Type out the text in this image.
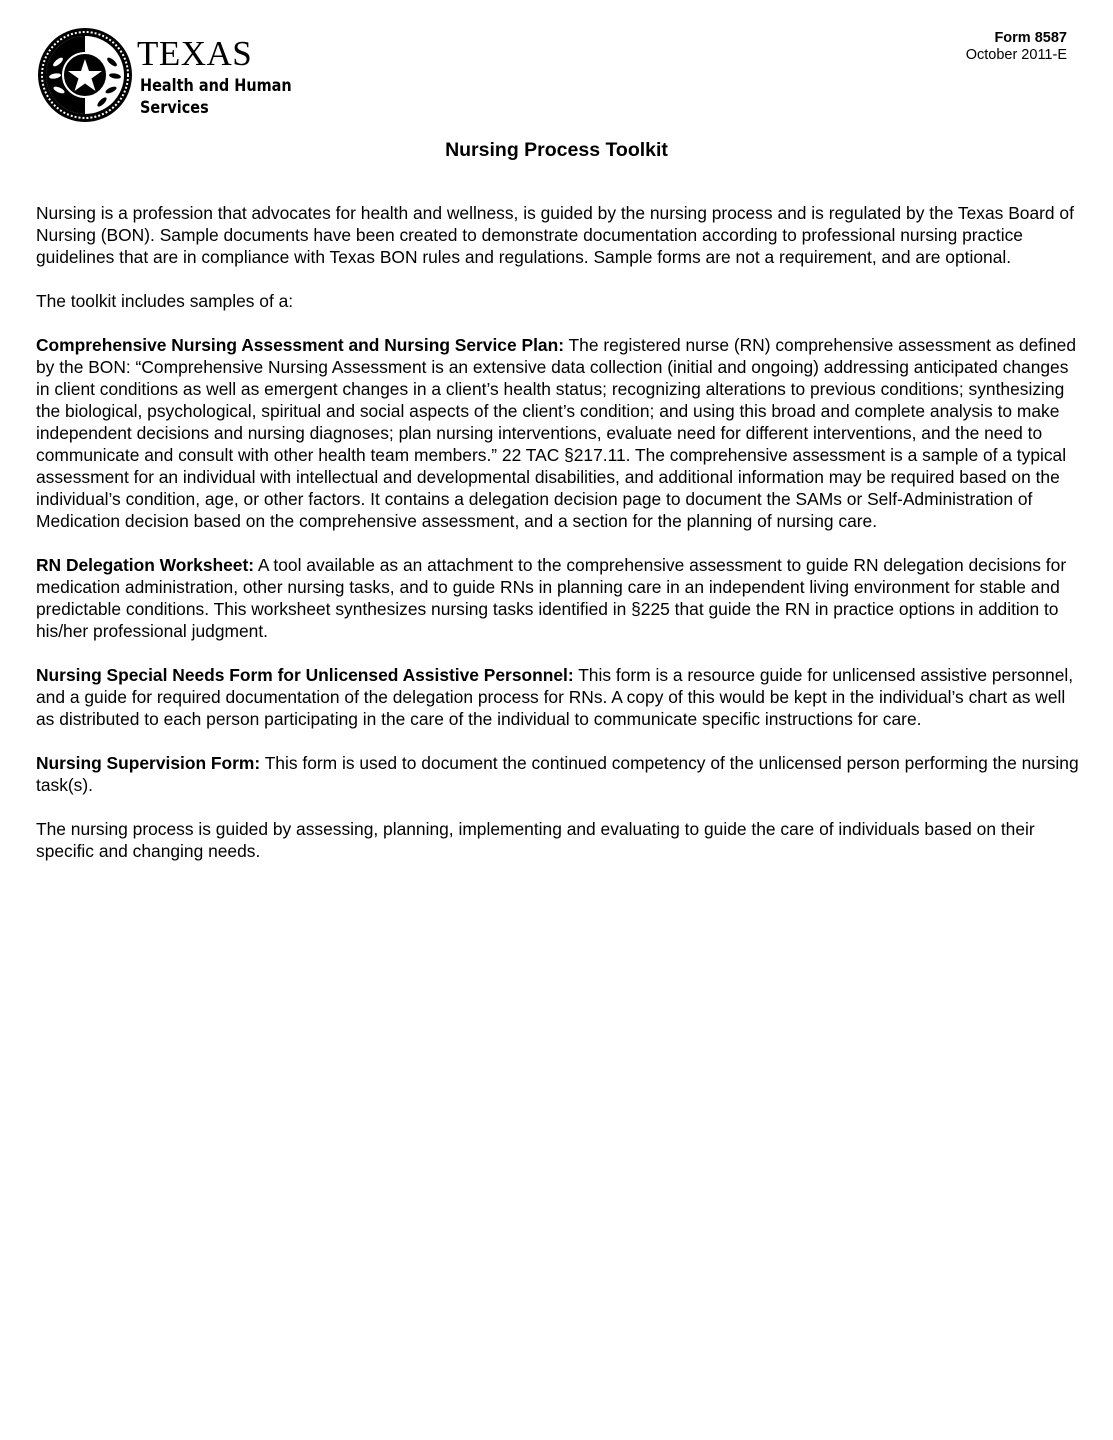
TEXAS
Health and Human
Services
Form 8587
October 2011-E
Nursing Process Toolkit

Nursing is a profession that advocates for health and wellness, is guided by the nursing process and is regulated by the Texas Board of Nursing (BON). Sample documents have been created to demonstrate documentation according to professional nursing practice guidelines that are in compliance with Texas BON rules and regulations. Sample forms are not a requirement, and are optional.

The toolkit includes samples of a:

Comprehensive Nursing Assessment and Nursing Service Plan: The registered nurse (RN) comprehensive assessment as defined by the BON: “Comprehensive Nursing Assessment is an extensive data collection (initial and ongoing) addressing anticipated changes in client conditions as well as emergent changes in a client’s health status; recognizing alterations to previous conditions; synthesizing the biological, psychological, spiritual and social aspects of the client’s condition; and using this broad and complete analysis to make independent decisions and nursing diagnoses; plan nursing interventions, evaluate need for different interventions, and the need to communicate and consult with other health team members.” 22 TAC §217.11. The comprehensive assessment is a sample of a typical assessment for an individual with intellectual and developmental disabilities, and additional information may be required based on the individual’s condition, age, or other factors. It contains a delegation decision page to document the SAMs or Self-Administration of Medication decision based on the comprehensive assessment, and a section for the planning of nursing care.

RN Delegation Worksheet: A tool available as an attachment to the comprehensive assessment to guide RN delegation decisions for medication administration, other nursing tasks, and to guide RNs in planning care in an independent living environment for stable and predictable conditions. This worksheet synthesizes nursing tasks identified in §225 that guide the RN in practice options in addition to his/her professional judgment.

Nursing Special Needs Form for Unlicensed Assistive Personnel: This form is a resource guide for unlicensed assistive personnel, and a guide for required documentation of the delegation process for RNs. A copy of this would be kept in the individual’s chart as well as distributed to each person participating in the care of the individual to communicate specific instructions for care.

Nursing Supervision Form: This form is used to document the continued competency of the unlicensed person performing the nursing task(s).

The nursing process is guided by assessing, planning, implementing and evaluating to guide the care of individuals based on their specific and changing needs.
